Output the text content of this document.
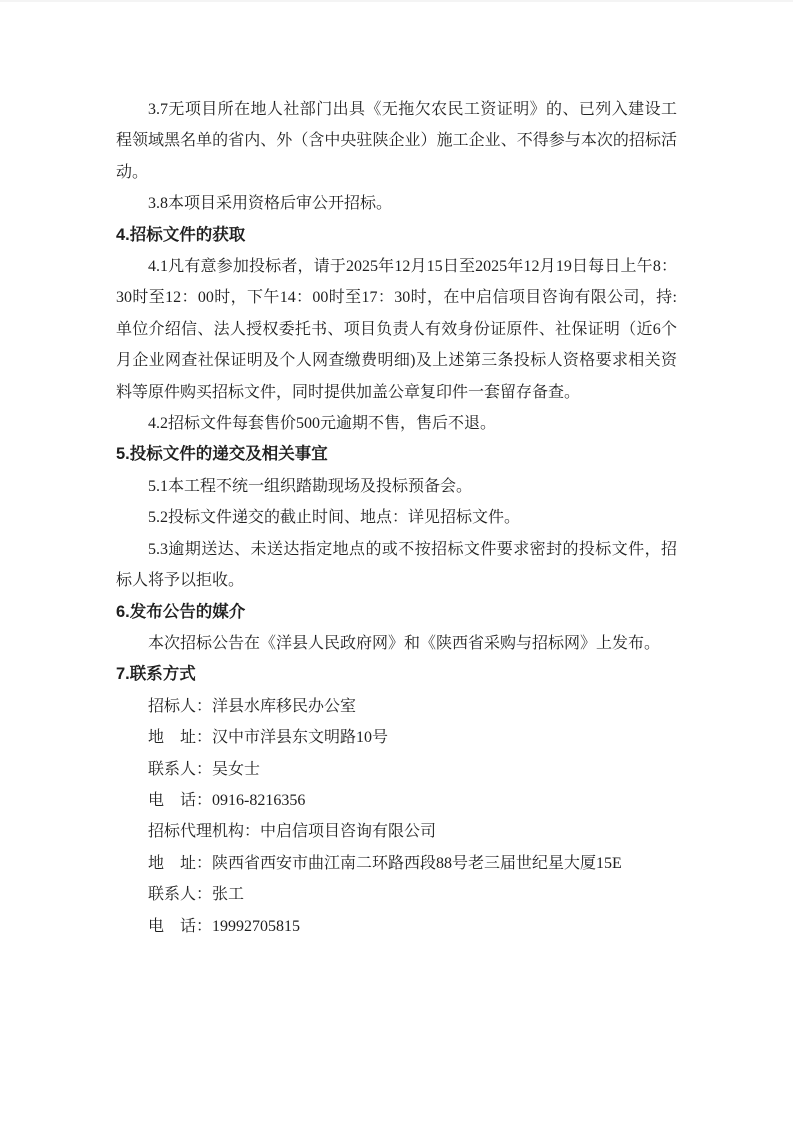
3.7无项目所在地人社部门出具《无拖欠农民工资证明》的、已列入建设工程领域黑名单的省内、外（含中央驻陕企业）施工企业、不得参与本次的招标活动。

3.8本项目采用资格后审公开招标。

4.招标文件的获取

4.1凡有意参加投标者，请于2025年12月15日至2025年12月19日每日上午8：30时至12：00时，下午14：00时至17：30时，在中启信项目咨询有限公司，持:单位介绍信、法人授权委托书、项目负责人有效身份证原件、社保证明（近6个月企业网查社保证明及个人网查缴费明细)及上述第三条投标人资格要求相关资料等原件购买招标文件，同时提供加盖公章复印件一套留存备查。

4.2招标文件每套售价500元逾期不售，售后不退。

5.投标文件的递交及相关事宜

5.1本工程不统一组织踏勘现场及投标预备会。

5.2投标文件递交的截止时间、地点：详见招标文件。

5.3逾期送达、未送达指定地点的或不按招标文件要求密封的投标文件，招标人将予以拒收。

6.发布公告的媒介

本次招标公告在《洋县人民政府网》和《陕西省采购与招标网》上发布。

7.联系方式

招标人：洋县水库移民办公室

地　址：汉中市洋县东文明路10号

联系人：吴女士

电　话：0916-8216356

招标代理机构：中启信项目咨询有限公司

地　址：陕西省西安市曲江南二环路西段88号老三届世纪星大厦15E

联系人：张工

电　话：19992705815
